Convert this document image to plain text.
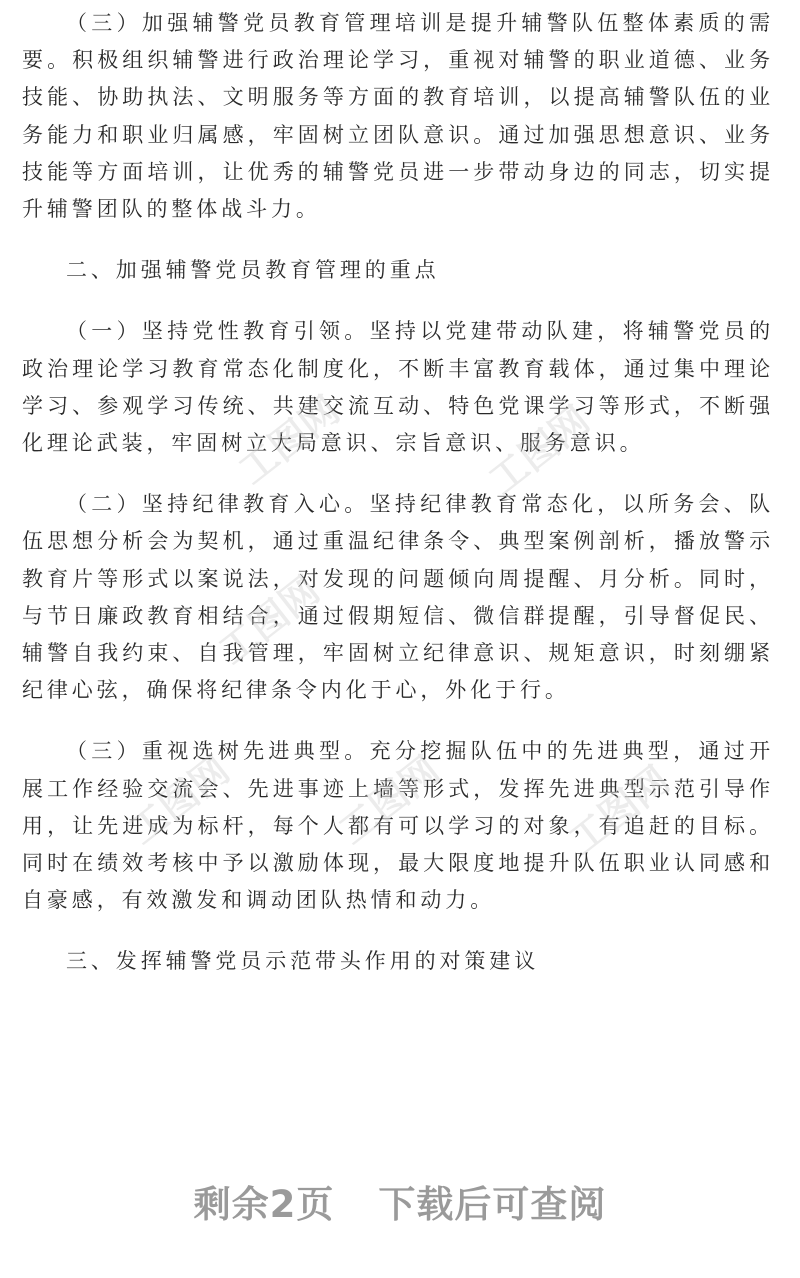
（三）加强辅警党员教育管理培训是提升辅警队伍整体素质的需要。积极组织辅警进行政治理论学习，重视对辅警的职业道德、业务技能、协助执法、文明服务等方面的教育培训，以提高辅警队伍的业务能力和职业归属感，牢固树立团队意识。通过加强思想意识、业务技能等方面培训，让优秀的辅警党员进一步带动身边的同志，切实提升辅警团队的整体战斗力。

二、加强辅警党员教育管理的重点

（一）坚持党性教育引领。坚持以党建带动队建，将辅警党员的政治理论学习教育常态化制度化，不断丰富教育载体，通过集中理论学习、参观学习传统、共建交流互动、特色党课学习等形式，不断强化理论武装，牢固树立大局意识、宗旨意识、服务意识。

（二）坚持纪律教育入心。坚持纪律教育常态化，以所务会、队伍思想分析会为契机，通过重温纪律条令、典型案例剖析，播放警示教育片等形式以案说法，对发现的问题倾向周提醒、月分析。同时，与节日廉政教育相结合，通过假期短信、微信群提醒，引导督促民、辅警自我约束、自我管理，牢固树立纪律意识、规矩意识，时刻绷紧纪律心弦，确保将纪律条令内化于心，外化于行。

（三）重视选树先进典型。充分挖掘队伍中的先进典型，通过开展工作经验交流会、先进事迹上墙等形式，发挥先进典型示范引导作用，让先进成为标杆，每个人都有可以学习的对象，有追赶的目标。同时在绩效考核中予以激励体现，最大限度地提升队伍职业认同感和自豪感，有效激发和调动团队热情和动力。

三、发挥辅警党员示范带头作用的对策建议

工图网	工图网
工图网
工图网	工图网
工图网
剩余2页 下载后可查阅
